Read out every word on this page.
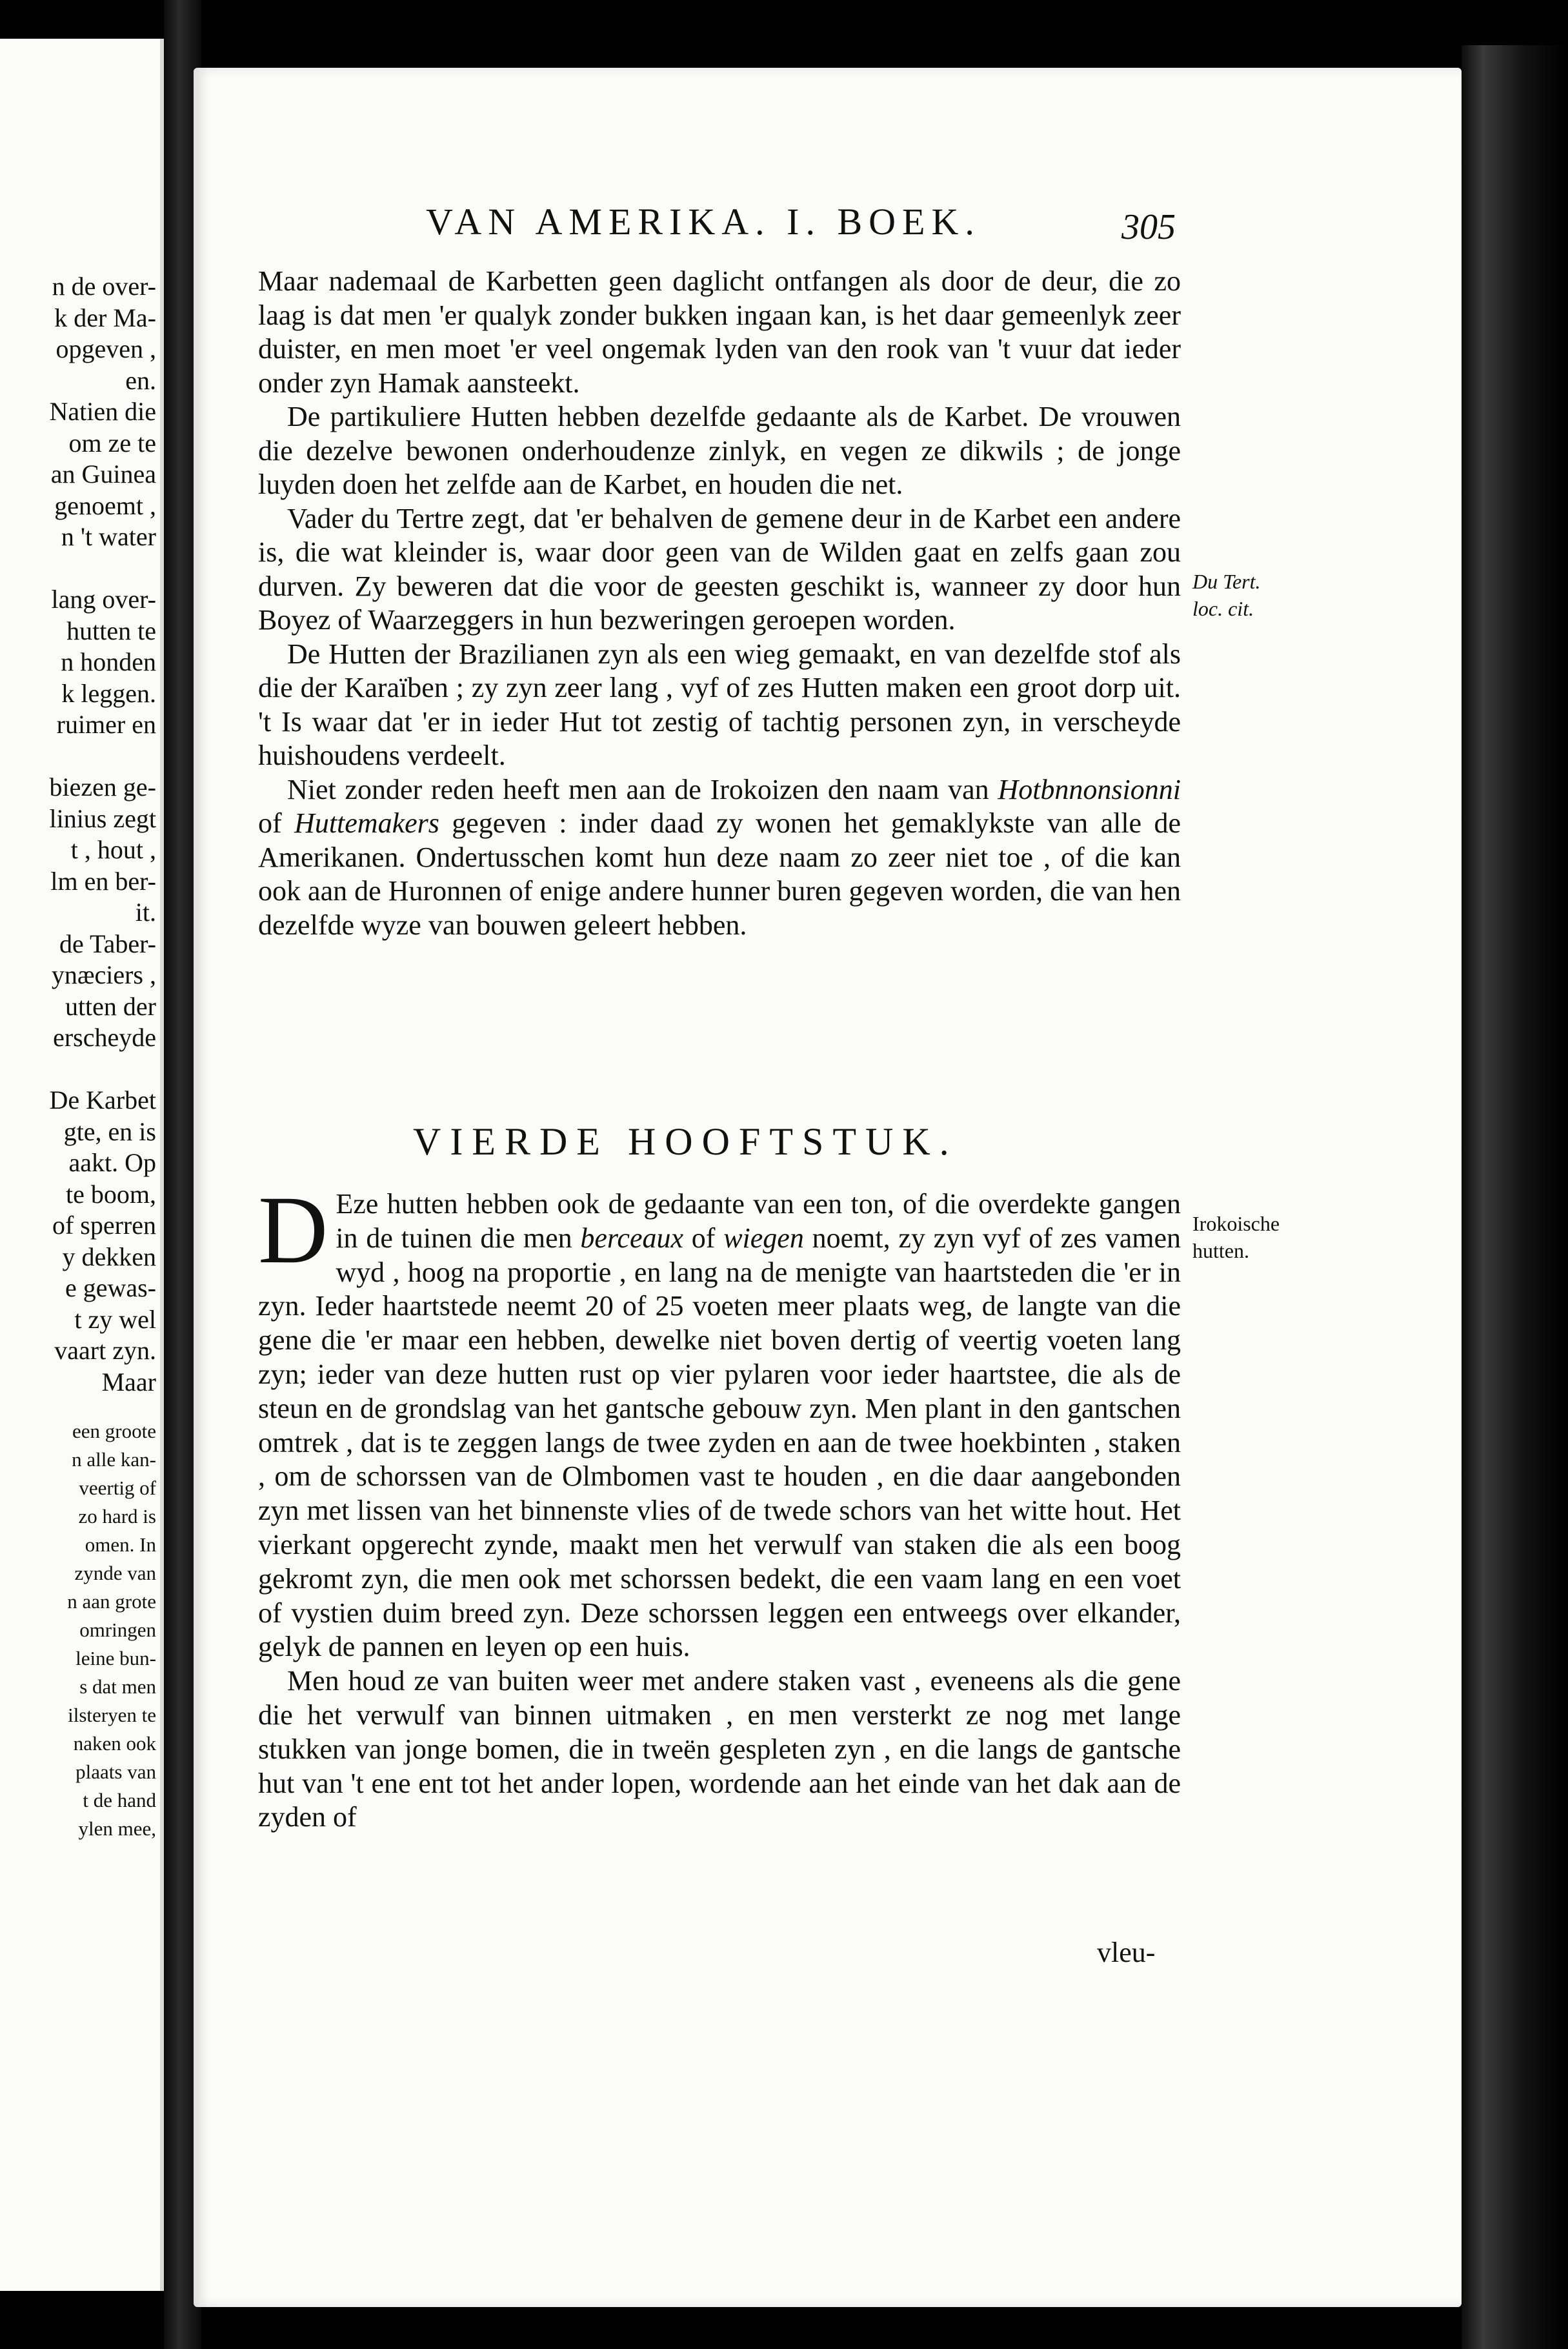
n de over-
k der Ma-
opgeven ,
en.
Natien die
om ze te
an Guinea
genoemt ,
n 't water
lang over-
hutten te
n honden
k leggen.
ruimer en
biezen ge-
linius zegt
t , hout ,
lm en ber-
it.
de Taber-
ynæciers ,
utten der
erscheyde
De Karbet
gte, en is
aakt. Op
te boom,
of sperren
y dekken
e gewas-
t zy wel
vaart zyn.
Maar
een groote
n alle kan-
veertig of
zo hard is
omen. In
zynde van
n aan grote
omringen
leine bun-
s dat men
ilsteryen te
naken ook
plaats van
t de hand
ylen mee,
VAN AMERIKA. I. BOEK.	305

Maar nademaal de Karbetten geen daglicht ontfangen als door de deur, die zo laag is dat men 'er qualyk zonder bukken ingaan kan, is het daar gemeenlyk zeer duister, en men moet 'er veel ongemak lyden van den rook van 't vuur dat ieder onder zyn Hamak aansteekt.

De partikuliere Hutten hebben dezelfde gedaante als de Karbet. De vrouwen die dezelve bewonen onderhoudenze zinlyk, en vegen ze dikwils ; de jonge luyden doen het zelfde aan de Karbet, en houden die net.

Vader du Tertre zegt, dat 'er behalven de gemene deur in de Karbet een andere is, die wat kleinder is, waar door geen van de Wilden gaat en zelfs gaan zou durven. Zy beweren dat die voor de geesten geschikt is, wanneer zy door hun Boyez of Waarzeggers in hun bezweringen geroepen worden.

De Hutten der Brazilianen zyn als een wieg gemaakt, en van dezelfde stof als die der Karaïben ; zy zyn zeer lang , vyf of zes Hutten maken een groot dorp uit. 't Is waar dat 'er in ieder Hut tot zestig of tachtig personen zyn, in verscheyde huishoudens verdeelt.

Niet zonder reden heeft men aan de Irokoizen den naam van Hotbnnonsionni of Huttemakers gegeven : inder daad zy wonen het gemaklykste van alle de Amerikanen. Ondertusschen komt hun deze naam zo zeer niet toe , of die kan ook aan de Huronnen of enige andere hunner buren gegeven worden, die van hen dezelfde wyze van bouwen geleert hebben.

VIERDE HOOFTSTUK.

D Eze hutten hebben ook de gedaante van een ton, of die overdekte gangen in de tuinen die men berceaux of wiegen noemt, zy zyn vyf of zes vamen wyd , hoog na proportie , en lang na de menigte van haartsteden die 'er in zyn. Ieder haartstede neemt 20 of 25 voeten meer plaats weg, de langte van die gene die 'er maar een hebben, dewelke niet boven dertig of veertig voeten lang zyn; ieder van deze hutten rust op vier pylaren voor ieder haartstee, die als de steun en de grondslag van het gantsche gebouw zyn. Men plant in den gantschen omtrek , dat is te zeggen langs de twee zyden en aan de twee hoekbinten , staken , om de schorssen van de Olmbomen vast te houden , en die daar aangebonden zyn met lissen van het binnenste vlies of de twede schors van het witte hout. Het vierkant opgerecht zynde, maakt men het verwulf van staken die als een boog gekromt zyn, die men ook met schorssen bedekt, die een vaam lang en een voet of vystien duim breed zyn. Deze schorssen leggen een entweegs over elkander, gelyk de pannen en leyen op een huis.

Men houd ze van buiten weer met andere staken vast , eveneens als die gene die het verwulf van binnen uitmaken , en men versterkt ze nog met lange stukken van jonge bomen, die in tweën gespleten zyn , en die langs de gantsche hut van 't ene ent tot het ander lopen, wordende aan het einde van het dak aan de zyden of

vleu-
Du Tert. loc. cit.
Irokoische hutten.
